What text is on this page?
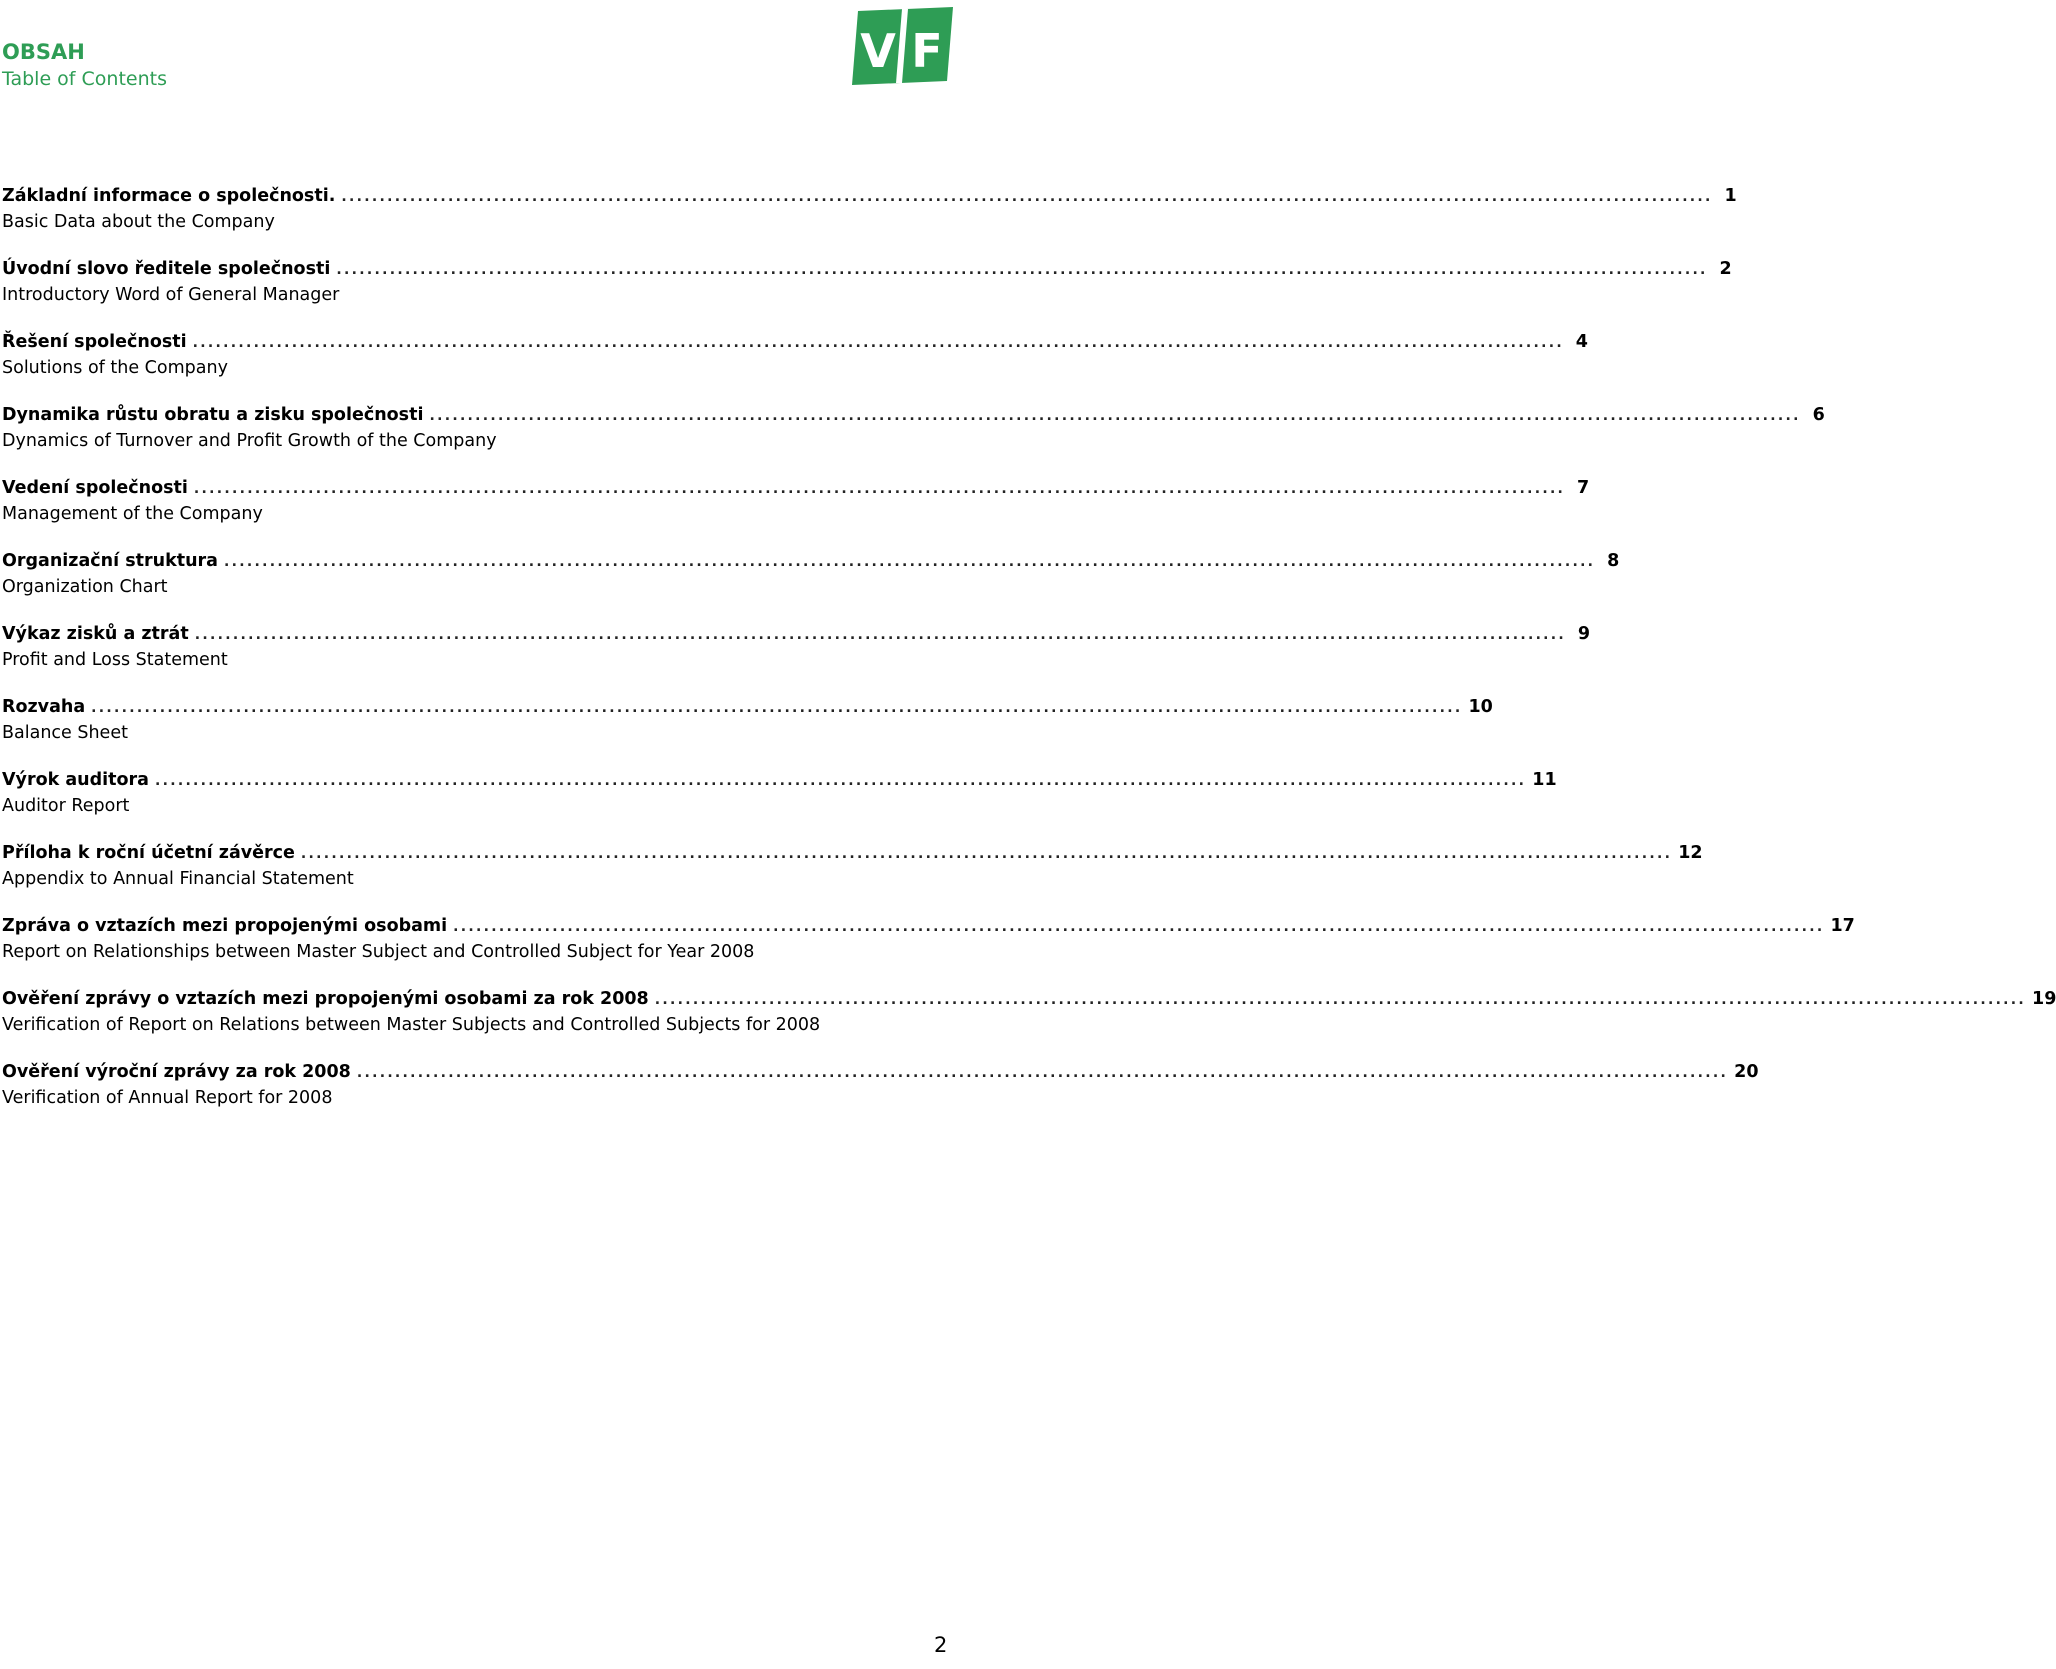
OBSAH
Table of Contents
V F
Základní informace o společnosti. .................................................................................................................................................................................... 1
Basic Data about the Company
Úvodní slovo ředitele společnosti .................................................................................................................................................................................... 2
Introductory Word of General Manager
Řešení společnosti .................................................................................................................................................................................... 4
Solutions of the Company
Dynamika růstu obratu a zisku společnosti .................................................................................................................................................................................... 6
Dynamics of Turnover and Profit Growth of the Company
Vedení společnosti .................................................................................................................................................................................... 7
Management of the Company
Organizační struktura .................................................................................................................................................................................... 8
Organization Chart
Výkaz zisků a ztrát .................................................................................................................................................................................... 9
Profit and Loss Statement
Rozvaha .................................................................................................................................................................................... 10
Balance Sheet
Výrok auditora .................................................................................................................................................................................... 11
Auditor Report
Příloha k roční účetní závěrce .................................................................................................................................................................................... 12
Appendix to Annual Financial Statement
Zpráva o vztazích mezi propojenými osobami .................................................................................................................................................................................... 17
Report on Relationships between Master Subject and Controlled Subject for Year 2008
Ověření zprávy o vztazích mezi propojenými osobami za rok 2008 .................................................................................................................................................................................... 19
Verification of Report on Relations between Master Subjects and Controlled Subjects for 2008
Ověření výroční zprávy za rok 2008 .................................................................................................................................................................................... 20
Verification of Annual Report for 2008
2
